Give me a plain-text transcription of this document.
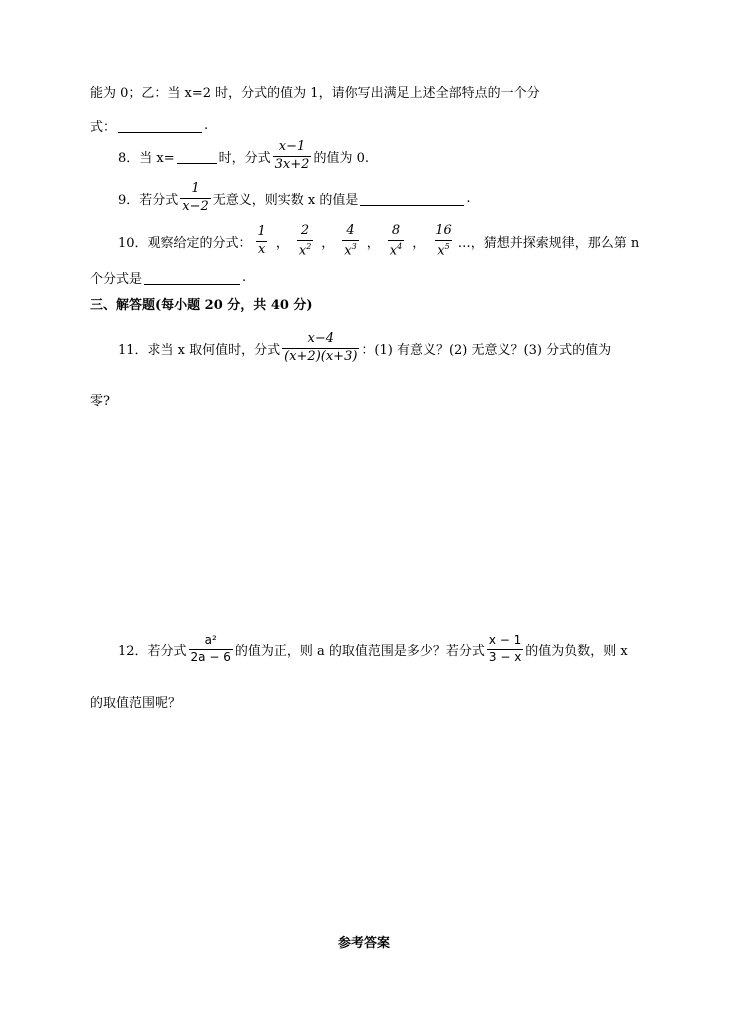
能为 0；乙：当 x=2 时，分式的值为 1，请你写出满足上述全部特点的一个分
式：	.
8．当 x=	时，分式 $\frac{x-1}{3x+2}$ 的值为 0.
9．若分式 $\frac{1}{x-2}$ 无意义，则实数 x 的值是	.
10．观察给定的分式： $\frac{1}{x}$ ， $\frac{2}{x^2}$ ， $\frac{4}{x^3}$ ， $\frac{8}{x^4}$ ， $\frac{16}{x^5}$ …，猜想并探索规律，那么第 n
个分式是	.
三、解答题(每小题 20 分，共 40 分)
11．求当 x 取何值时，分式 $\frac{x-4}{(x+2)(x+3)}$ ：(1) 有意义？(2) 无意义？(3) 分式的值为
零?
12．若分式 $\frac{\text{a²}}{2a - 6}$ 的值为正，则 a 的取值范围是多少？若分式 $\frac{x - 1}{3 - x}$ 的值为负数，则 x
的取值范围呢？
参考答案
